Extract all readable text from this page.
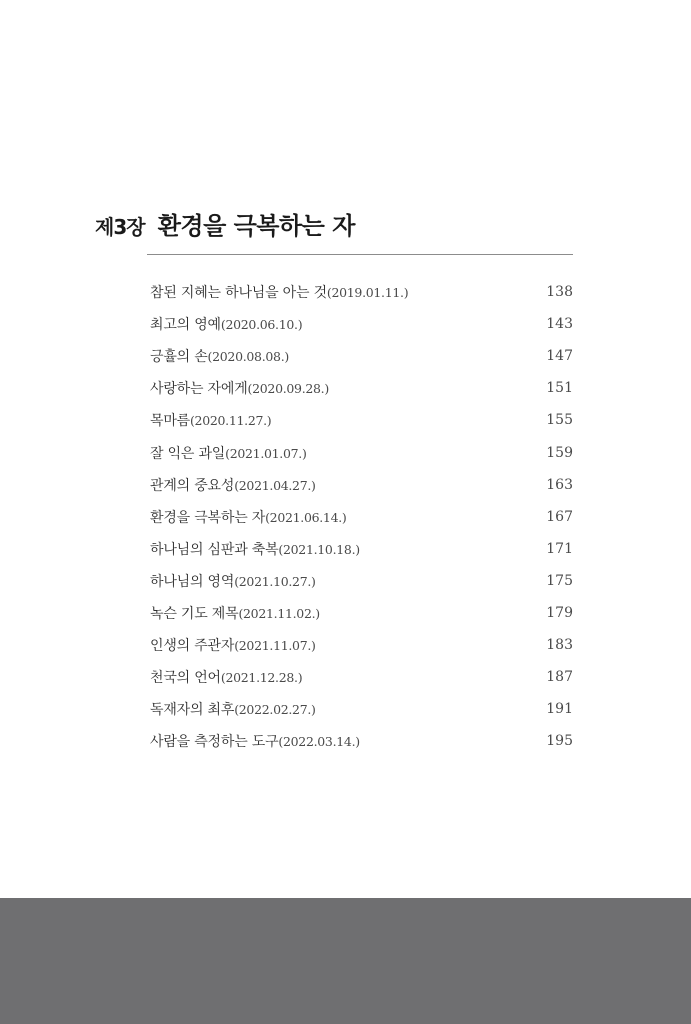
제3장 환경을 극복하는 자
참된 지혜는 하나님을 아는 것(2019.01.11.)	138
최고의 영예(2020.06.10.)	143
긍휼의 손(2020.08.08.)	147
사랑하는 자에게(2020.09.28.)	151
목마름(2020.11.27.)	155
잘 익은 과일(2021.01.07.)	159
관계의 중요성(2021.04.27.)	163
환경을 극복하는 자(2021.06.14.)	167
하나님의 심판과 축복(2021.10.18.)	171
하나님의 영역(2021.10.27.)	175
녹슨 기도 제목(2021.11.02.)	179
인생의 주관자(2021.11.07.)	183
천국의 언어(2021.12.28.)	187
독재자의 최후(2022.02.27.)	191
사람을 측정하는 도구(2022.03.14.)	195
